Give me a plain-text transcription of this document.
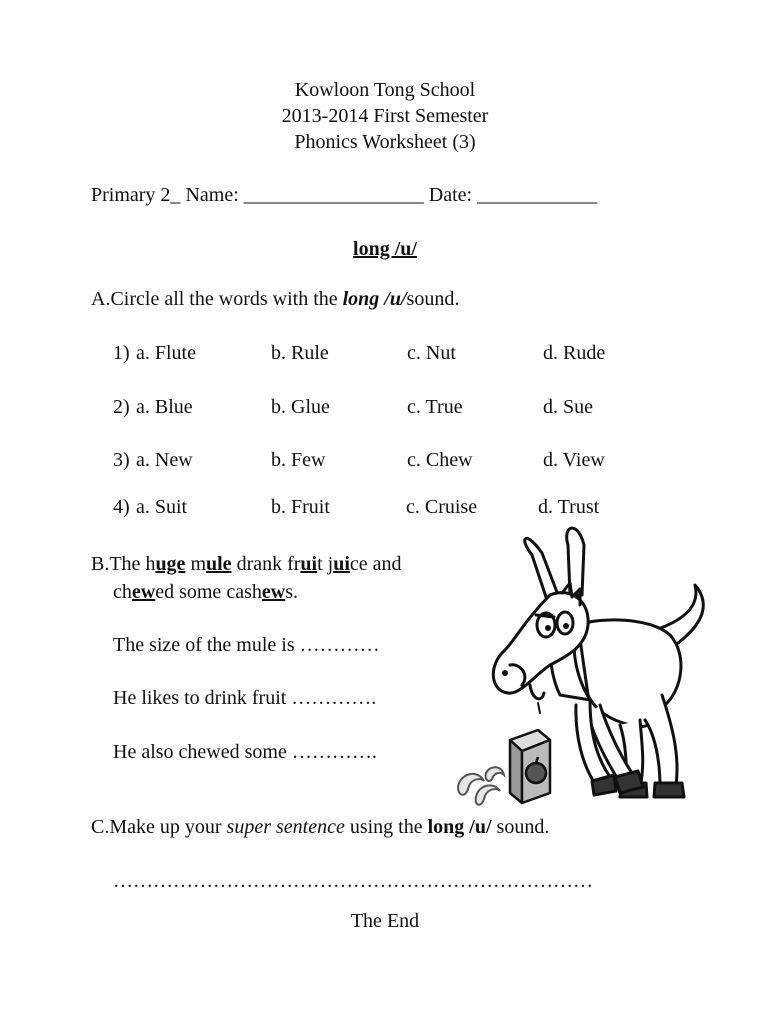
Kowloon Tong School
2013-2014 First Semester
Phonics Worksheet (3)
Primary 2_ Name: __________________ Date: ____________
long /u/
A.Circle all the words with the long /u/sound.
1) a. Flute	b. Rule	c. Nut	d. Rude
2) a. Blue	b. Glue	c. True	d. Sue
3) a. New	b. Few	c. Chew	d. View
4) a. Suit	b. Fruit	c. Cruise	d. Trust
B.The huge mule drank fruit juice and
chewed some cashews.
The size of the mule is …………
He likes to drink fruit ………….
He also chewed some ………….
C.Make up your super sentence using the long /u/ sound.
………………………………………………………………
The End
